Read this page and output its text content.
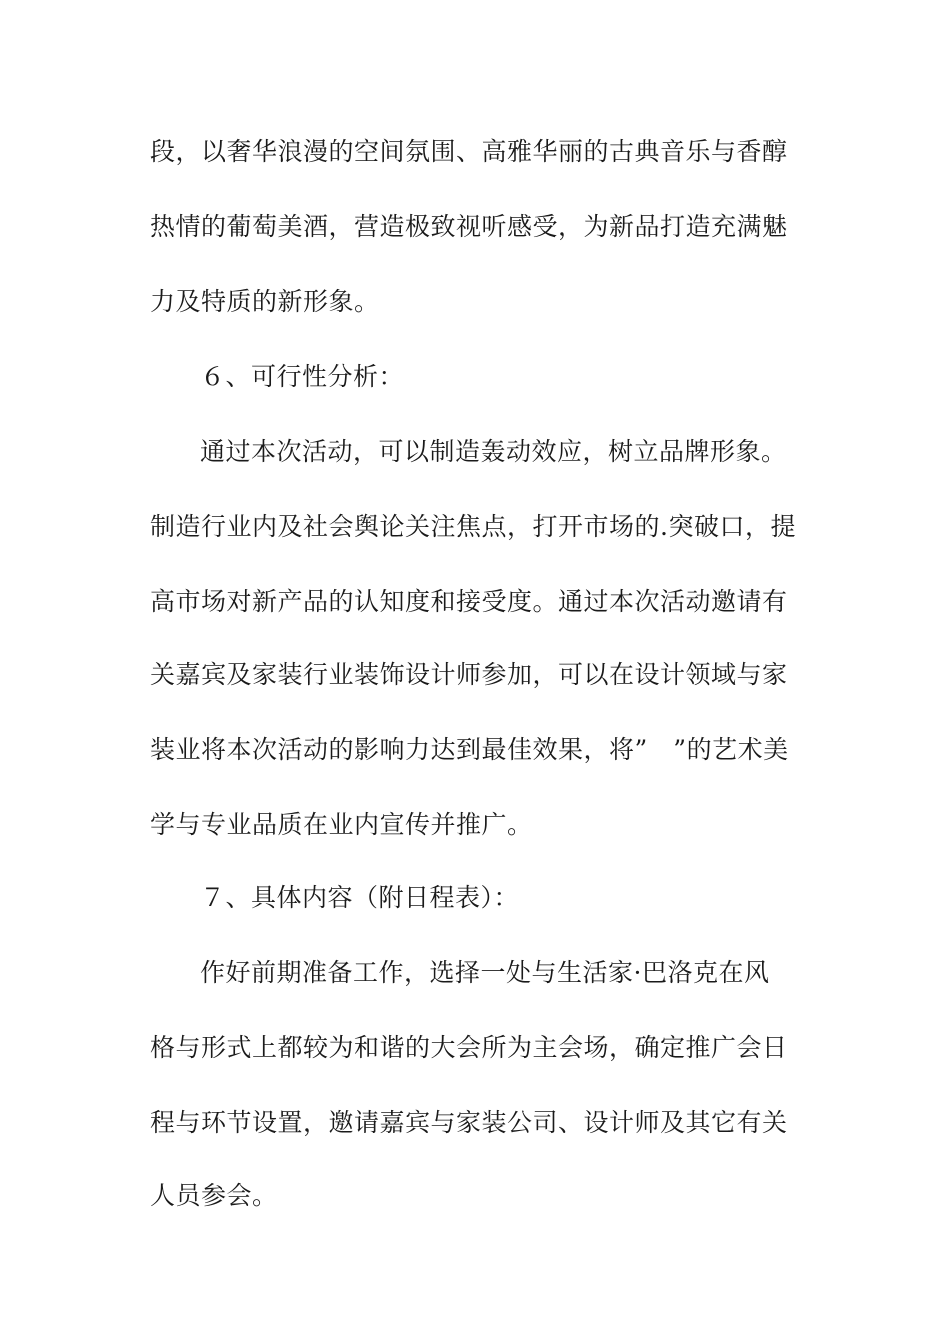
段，以奢华浪漫的空间氛围、高雅华丽的古典音乐与香醇
热情的葡萄美酒，营造极致视听感受，为新品打造充满魅
力及特质的新形象。
６、可行性分析：
通过本次活动，可以制造轰动效应，树立品牌形象。
制造行业内及社会舆论关注焦点，打开市场的.突破口，提
高市场对新产品的认知度和接受度。通过本次活动邀请有
关嘉宾及家装行业装饰设计师参加，可以在设计领域与家
装业将本次活动的影响力达到最佳效果，将”　”的艺术美
学与专业品质在业内宣传并推广。
７、具体内容（附日程表）：
作好前期准备工作，选择一处与生活家·巴洛克在风
格与形式上都较为和谐的大会所为主会场，确定推广会日
程与环节设置，邀请嘉宾与家装公司、设计师及其它有关
人员参会。
